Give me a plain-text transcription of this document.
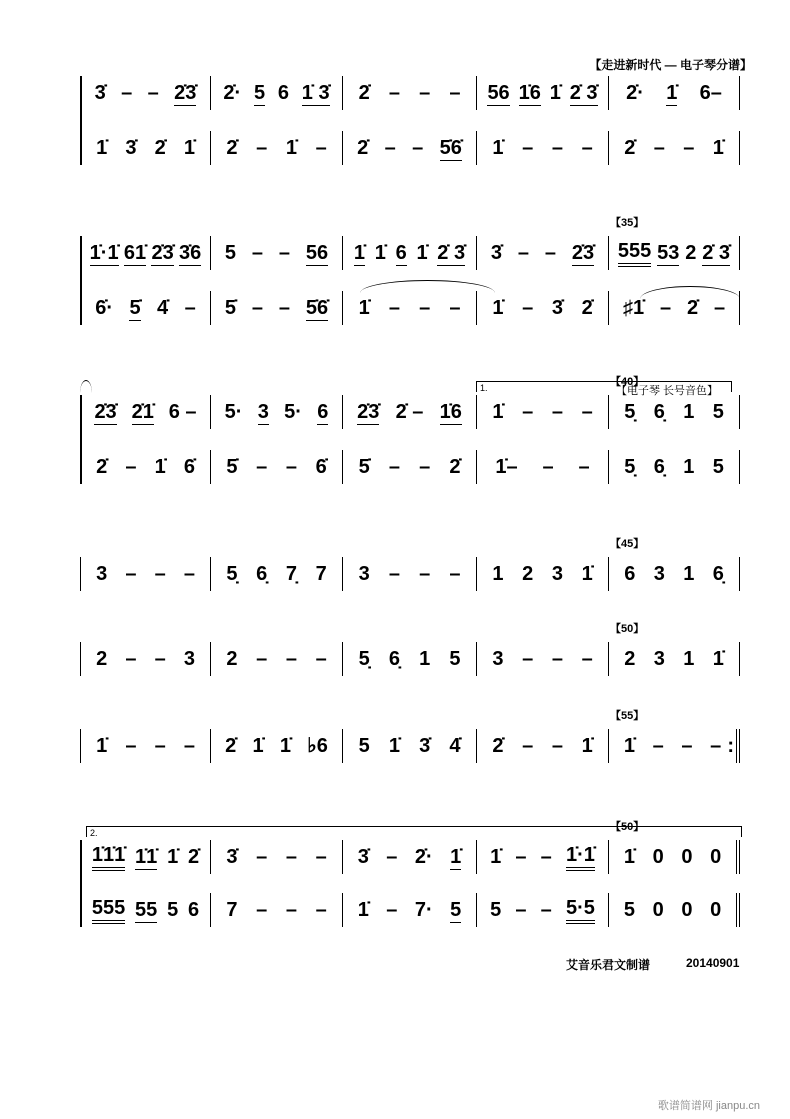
【走进新时代 — 电子琴分谱】
3̇ – – 2̇3̇ 2̇· 5 6 1̇ 3̇ 2̇ – – – 56 1̇6 1̇ 2̇ 3̇ 2̇· 1̇ 6–
1̇ 3̇ 2̇ 1̇ 2̇ – 1̇ – 2̇ – – 5̇6̇ 1̇ – – – 2̇ – – 1̇
1̇·1̇ 61̇ 2̇3̇ 3̇6 5 – – 56 1̇ 1̇ 6 1̇ 2̇ 3̇ 3̇ – – 2̇3̇ 555 53 2 2̇ 3̇
【35】
6̇· 5̇ 4̇ – 5̇ – – 5̇6̇ 1̇ – – – 1̇ – 3̇ 2̇ ♯1̇ – 2̇ –
2̇3̇ 2̇1̇ 6 – 5· 3 5· 6 2̇3̇ 2̇ – 1̇6 1̇ – – – 5̣ 6̣ 1 5
【40】
1.	【电子琴 长号音色】
2̇ – 1̇ 6̇ 5̇ – – 6̇ 5̇ – – 2̇ 1̇– – – 5̣ 6̣ 1 5
3 – – – 5̣ 6̣ 7̣ 7 3 – – – 1 2 3 1̇ 6 3 1 6̣
【45】
2 – – 3 2 – – – 5̣ 6̣ 1 5 3 – – – 2 3 1 1̇
【50】
1̇ – – – 2̇ 1̇ 1̇ ♭6 5 1̇ 3̇ 4̇ 2̇ – – 1̇ 1̇ – – – :
【55】
1̇1̇1̇ 1̇1̇ 1̇ 2̇ 3̇ – – – 3̇ – 2̇· 1̇ 1̇ – – 1̇·1̇ 1̇ 0 0 0
【50】
2.
555 55 5 6 7 – – – 1̇ – 7· 5 5 – – 5·5 5 0 0 0
艾音乐君文制谱	20140901
歌谱简谱网 jianpu.cn
